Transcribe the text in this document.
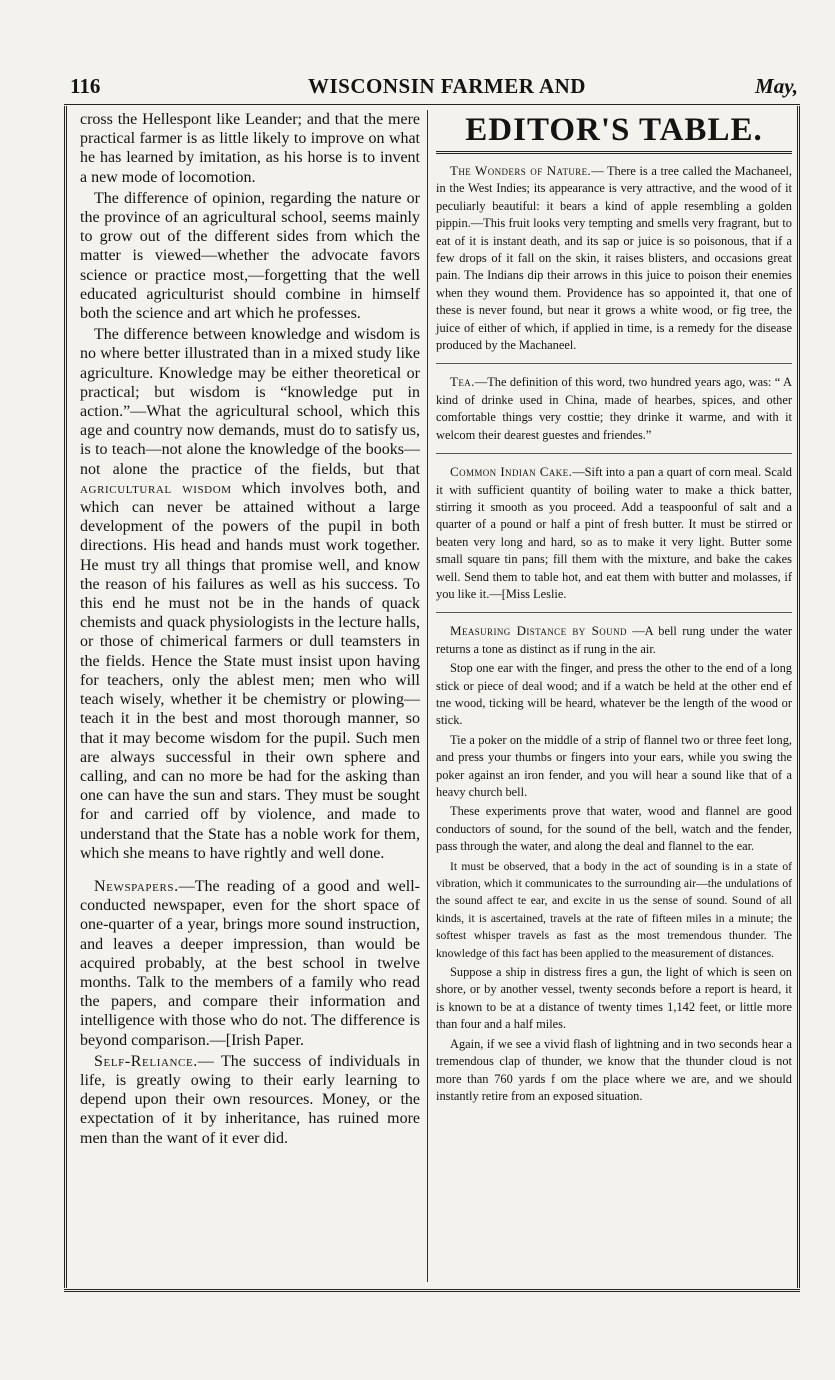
116	WISCONSIN FARMER AND	May,

cross the Hellespont like Leander; and that the mere practical farmer is as little likely to improve on what he has learned by imitation, as his horse is to invent a new mode of locomotion.

The difference of opinion, regarding the nature or the province of an agricultural school, seems mainly to grow out of the different sides from which the matter is viewed—whether the advocate favors science or practice most,—forgetting that the well educated agriculturist should combine in himself both the science and art which he professes.

The difference between knowledge and wisdom is no where better illustrated than in a mixed study like agriculture. Knowledge may be either theoretical or practical; but wisdom is “knowledge put in action.”—What the agricultural school, which this age and country now demands, must do to satisfy us, is to teach—not alone the knowledge of the books—not alone the practice of the fields, but that agricultural wisdom which involves both, and which can never be attained without a large development of the powers of the pupil in both directions. His head and hands must work together. He must try all things that promise well, and know the reason of his failures as well as his success. To this end he must not be in the hands of quack chemists and quack physiologists in the lecture halls, or those of chimerical farmers or dull teamsters in the fields. Hence the State must insist upon having for teachers, only the ablest men; men who will teach wisely, whether it be chemistry or plowing—teach it in the best and most thorough manner, so that it may become wisdom for the pupil. Such men are always successful in their own sphere and calling, and can no more be had for the asking than one can have the sun and stars. They must be sought for and carried off by violence, and made to understand that the State has a noble work for them, which she means to have rightly and well done.

Newspapers.—The reading of a good and well-conducted newspaper, even for the short space of one-quarter of a year, brings more sound instruction, and leaves a deeper impression, than would be acquired probably, at the best school in twelve months. Talk to the members of a family who read the papers, and compare their information and intelligence with those who do not. The difference is beyond comparison.—[Irish Paper.

Self-Reliance.— The success of individuals in life, is greatly owing to their early learning to depend upon their own resources. Money, or the expectation of it by inheritance, has ruined more men than the want of it ever did.

EDITOR'S TABLE.

The Wonders of Nature.— There is a tree called the Machaneel, in the West Indies; its appearance is very attractive, and the wood of it peculiarly beautiful: it bears a kind of apple resembling a golden pippin.—This fruit looks very tempting and smells very fragrant, but to eat of it is instant death, and its sap or juice is so poisonous, that if a few drops of it fall on the skin, it raises blisters, and occasions great pain. The Indians dip their arrows in this juice to poison their enemies when they wound them. Providence has so appointed it, that one of these is never found, but near it grows a white wood, or fig tree, the juice of either of which, if applied in time, is a remedy for the disease produced by the Machaneel.

Tea.—The definition of this word, two hundred years ago, was: “ A kind of drinke used in China, made of hearbes, spices, and other comfortable things very costtie; they drinke it warme, and with it welcom their dearest guestes and friendes.”

Common Indian Cake.—Sift into a pan a quart of corn meal. Scald it with sufficient quantity of boiling water to make a thick batter, stirring it smooth as you proceed. Add a teaspoonful of salt and a quarter of a pound or half a pint of fresh butter. It must be stirred or beaten very long and hard, so as to make it very light. Butter some small square tin pans; fill them with the mixture, and bake the cakes well. Send them to table hot, and eat them with butter and molasses, if you like it.—[Miss Leslie.

Measuring Distance by Sound —A bell rung under the water returns a tone as distinct as if rung in the air.

Stop one ear with the finger, and press the other to the end of a long stick or piece of deal wood; and if a watch be held at the other end ef tne wood, ticking will be heard, whatever be the length of the wood or stick.

Tie a poker on the middle of a strip of flannel two or three feet long, and press your thumbs or fingers into your ears, while you swing the poker against an iron fender, and you will hear a sound like that of a heavy church bell.

These experiments prove that water, wood and flannel are good conductors of sound, for the sound of the bell, watch and the fender, pass through the water, and along the deal and flannel to the ear.

It must be observed, that a body in the act of sounding is in a state of vibration, which it communicates to the surrounding air—the undulations of the sound affect te ear, and excite in us the sense of sound. Sound of all kinds, it is ascertained, travels at the rate of fifteen miles in a minute; the softest whisper travels as fast as the most tremendous thunder. The knowledge of this fact has been applied to the measurement of distances.

Suppose a ship in distress fires a gun, the light of which is seen on shore, or by another vessel, twenty seconds before a report is heard, it is known to be at a distance of twenty times 1,142 feet, or little more than four and a half miles.

Again, if we see a vivid flash of lightning and in two seconds hear a tremendous clap of thunder, we know that the thunder cloud is not more than 760 yards f om the place where we are, and we should instantly retire from an exposed situation.
